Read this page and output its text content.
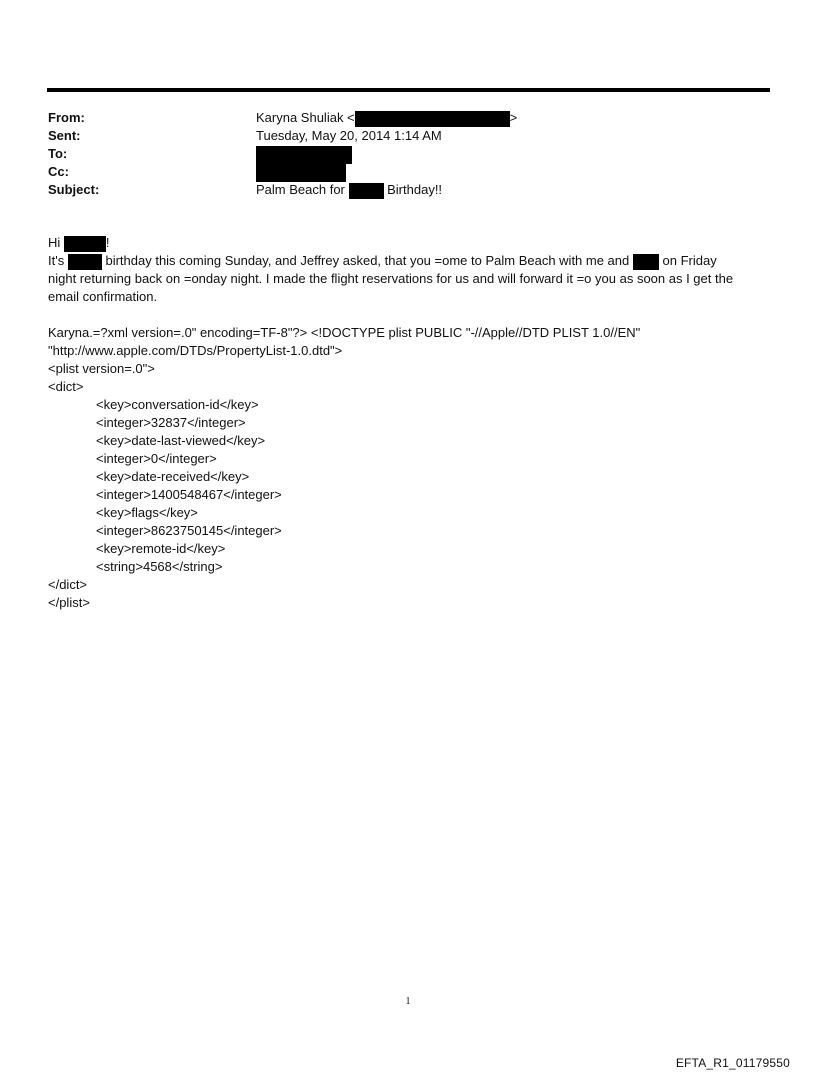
From:	Karyna Shuliak <	>
Sent:	Tuesday, May 20, 2014 1:14 AM
To:
Cc:
Subject:	Palm Beach for	Birthday!!

Hi	!

It's	birthday this coming Sunday, and Jeffrey asked, that you =ome to Palm Beach with me and	on Friday

night returning back on =onday night. I made the flight reservations for us and will forward it =o you as soon as I get the

email confirmation.

Karyna.=?xml version=.0" encoding=TF-8"?> <!DOCTYPE plist PUBLIC "-//Apple//DTD PLIST 1.0//EN"

"http://www.apple.com/DTDs/PropertyList-1.0.dtd">

<plist version=.0">

<dict>

<key>conversation-id</key>

<integer>32837</integer>

<key>date-last-viewed</key>

<integer>0</integer>

<key>date-received</key>

<integer>1400548467</integer>

<key>flags</key>

<integer>8623750145</integer>

<key>remote-id</key>

<string>4568</string>

</dict>

</plist>

1
EFTA_R1_01179550
